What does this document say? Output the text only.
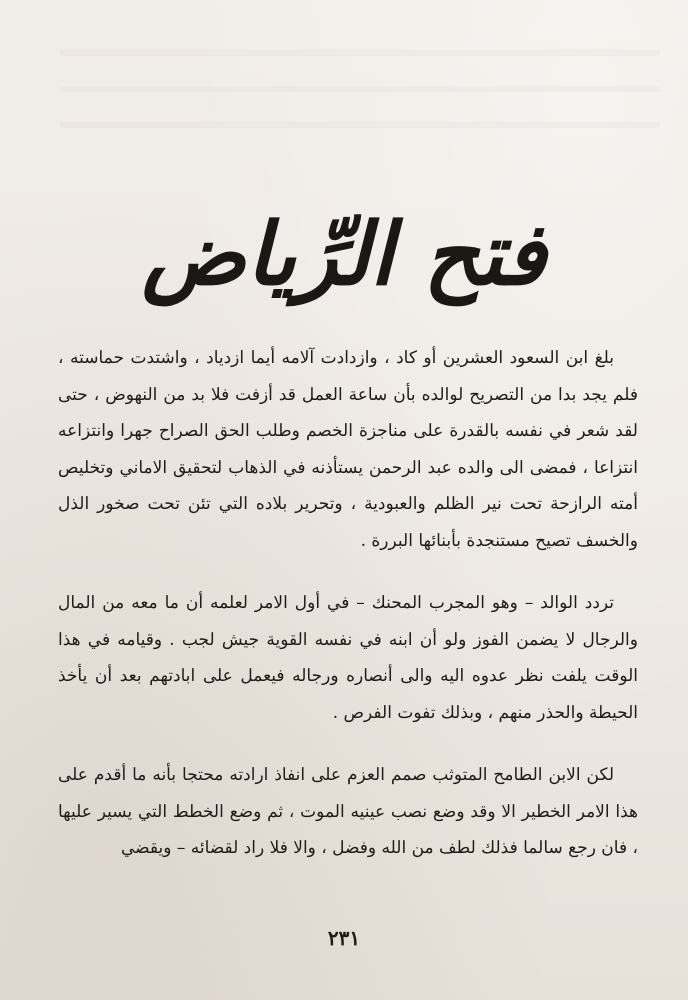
فتح الرِّياض

بلغ ابن السعود العشرين أو كاد ، وازدادت آلامه أيما ازدياد ، واشتدت حماسته ، فلم يجد بدا من التصريح لوالده بأن ساعة العمل قد أزفت فلا بد من النهوض ، حتى لقد شعر في نفسه بالقدرة على مناجزة الخصم وطلب الحق الصراح جهرا وانتزاعه انتزاعا ، فمضى الى والده عبد الرحمن يستأذنه في الذهاب لتحقيق الاماني وتخليص أمته الرازحة تحت نير الظلم والعبودية ، وتحرير بلاده التي تئن تحت صخور الذل والخسف تصيح مستنجدة بأبنائها البررة .

تردد الوالد – وهو المجرب المحنك – في أول الامر لعلمه أن ما معه من المال والرجال لا يضمن الفوز ولو أن ابنه في نفسه القوية جيش لجب . وقيامه في هذا الوقت يلفت نظر عدوه اليه والى أنصاره ورجاله فيعمل على ابادتهم بعد أن يأخذ الحيطة والحذر منهم ، وبذلك تفوت الفرص .

لكن الابن الطامح المتوثب صمم العزم على انفاذ ارادته محتجا بأنه ما أقدم على هذا الامر الخطير الا وقد وضع نصب عينيه الموت ، ثم وضع الخطط التي يسير عليها ، فان رجع سالما فذلك لطف من الله وفضل ، والا فلا راد لقضائه – ويقضي

٢٣١
